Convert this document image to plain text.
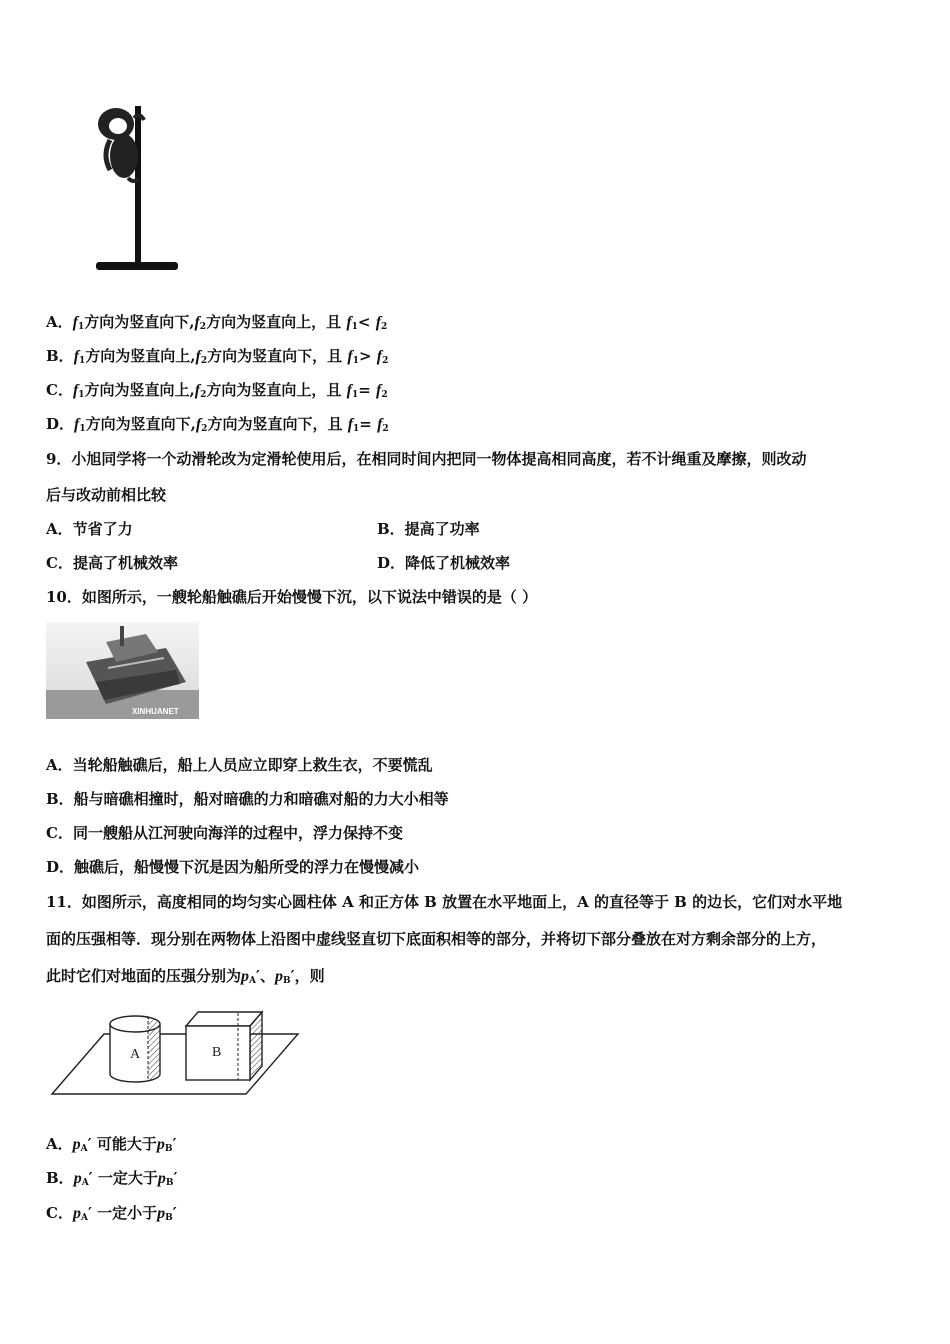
A．$f_1$方向为竖直向下$,f_2$方向为竖直向上，且 $f_1< f_2$
B．$f_1$方向为竖直向上$,f_2$方向为竖直向下，且 $f_1> f_2$
C．$f_1$方向为竖直向上$,f_2$方向为竖直向上，且 $f_1= f_2$
D．$f_1$方向为竖直向下$,f_2$方向为竖直向下，且 $f_1= f_2$
9．小旭同学将一个动滑轮改为定滑轮使用后，在相同时间内把同一物体提高相同高度，若不计绳重及摩擦，则改动
后与改动前相比较
A．节省了力	B．提高了功率
C．提高了机械效率	D．降低了机械效率
10．如图所示，一艘轮船触礁后开始慢慢下沉，以下说法中错误的是（ ）
XINHUANET
A．当轮船触礁后，船上人员应立即穿上救生衣，不要慌乱
B．船与暗礁相撞时，船对暗礁的力和暗礁对船的力大小相等
C．同一艘船从江河驶向海洋的过程中，浮力保持不变
D．触礁后，船慢慢下沉是因为船所受的浮力在慢慢减小
11．如图所示，高度相同的均匀实心圆柱体 A 和正方体 B 放置在水平地面上，A 的直径等于 B 的边长，它们对水平地
面的压强相等．现分别在两物体上沿图中虚线竖直切下底面积相等的部分，并将切下部分叠放在对方剩余部分的上方，
此时它们对地面的压强分别为$p_A'$、$p_B'$，则
A	B
A．$p_A'$ 可能大于$p_B'$
B．$p_A'$ 一定大于$p_B'$
C．$p_A'$ 一定小于$p_B'$
